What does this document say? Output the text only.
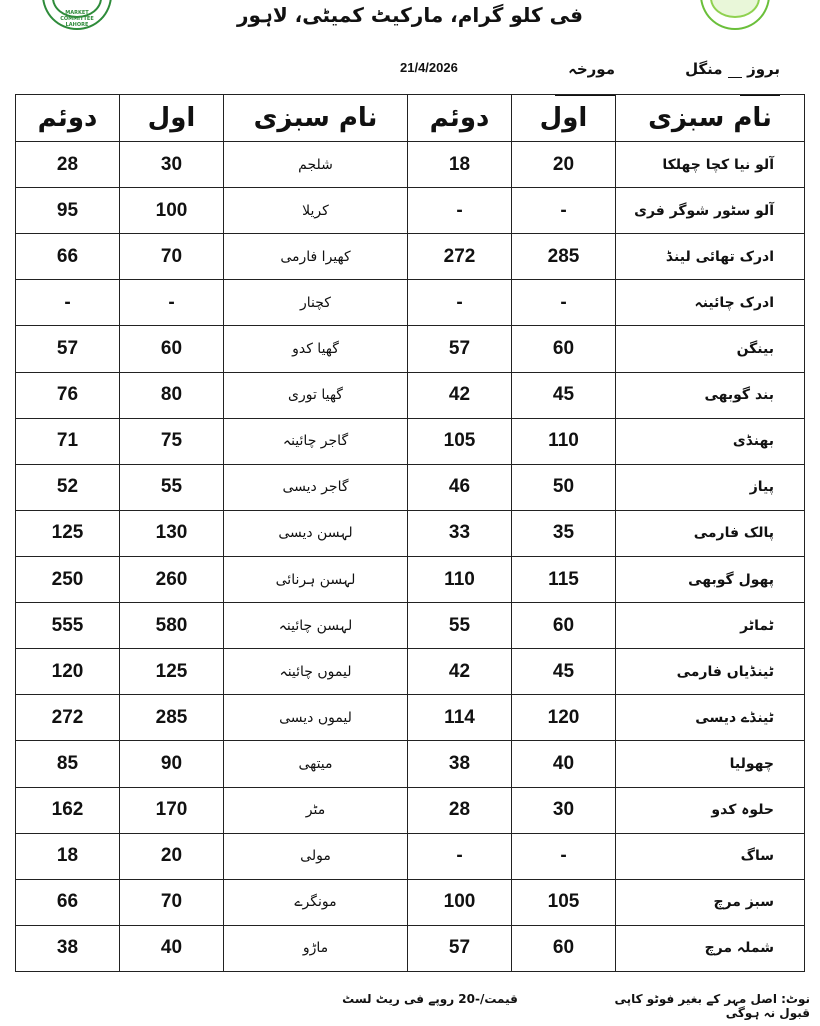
MARKET COMMITTEE LAHORE	فی کلو گرام، مارکیٹ کمیٹی، لاہور
بروز  منگل
مورخہ
21/4/2026
دوئم	اول	نام سبزی	دوئم	اول	نام سبزی
28	30	شلجم	18	20	آلو نیا کچا چھلکا
95	100	کریلا	-	-	آلو سٹور شوگر فری
66	70	کھیرا فارمی	272	285	ادرک تھائی لینڈ
-	-	کچنار	-	-	ادرک چائینہ
57	60	گھیا کدو	57	60	بینگن
76	80	گھیا توری	42	45	بند گوبھی
71	75	گاجر چائینہ	105	110	بھنڈی
52	55	گاجر دیسی	46	50	پیاز
125	130	لہسن دیسی	33	35	پالک فارمی
250	260	لہسن ہرنائی	110	115	پھول گوبھی
555	580	لہسن چائینہ	55	60	ٹماٹر
120	125	لیموں چائینہ	42	45	ٹینڈیاں فارمی
272	285	لیموں دیسی	114	120	ٹینڈے دیسی
85	90	میتھی	38	40	چھولیا
162	170	مٹر	28	30	حلوہ کدو
18	20	مولی	-	-	ساگ
66	70	مونگرے	100	105	سبز مرچ
38	40	ماڑو	57	60	شملہ مرچ
نوٹ: اصل مہر کے بغیر فوٹو کاپی قبول نہ ہوگی
قیمت/-20 روپے فی ریٹ لسٹ
